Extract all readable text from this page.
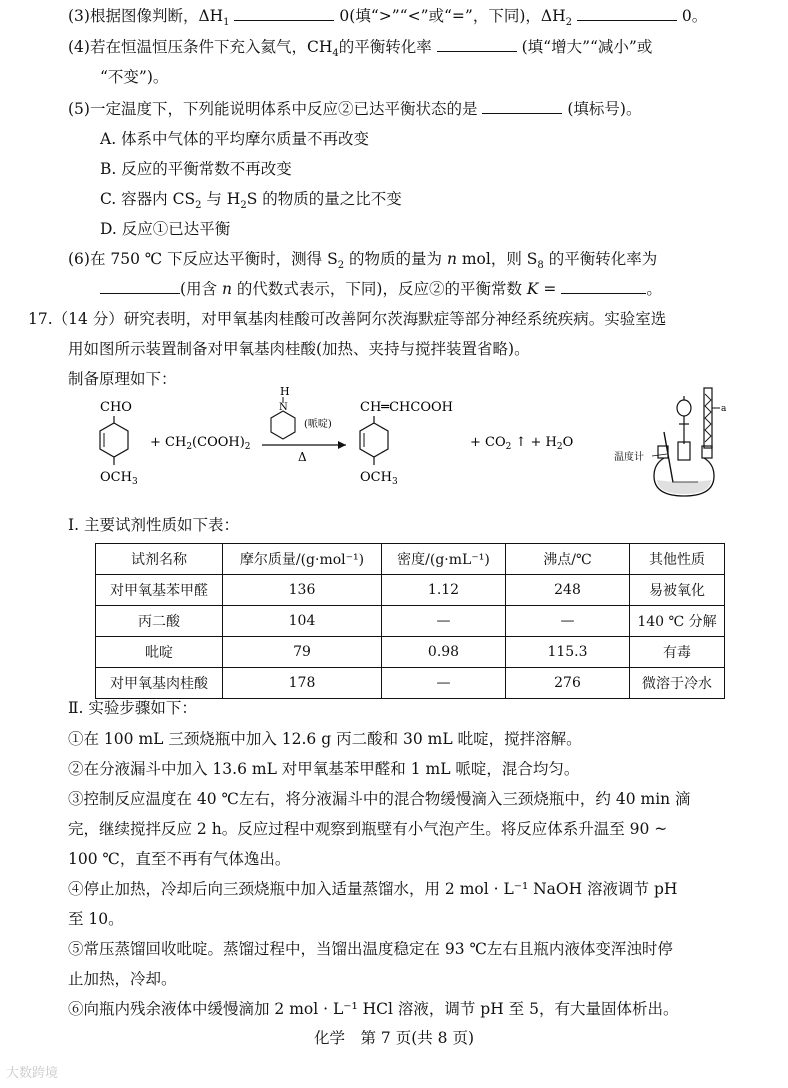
(3)根据图像判断，$\Delta H_1$	0(填“>”“<”或“=”，下同)，$\Delta H_2$	0。
(4)若在恒温恒压条件下充入氦气，$CH_4$的平衡转化率	(填“增大”“减小”或
“不变”)。
(5)一定温度下，下列能说明体系中反应②已达平衡状态的是	(填标号)。
A. 体系中气体的平均摩尔质量不再改变
B. 反应的平衡常数不再改变
C. 容器内 $CS_2$ 与 $H_2S$ 的物质的量之比不变
D. 反应①已达平衡
(6)在 750 ℃ 下反应达平衡时，测得 $S_2$ 的物质的量为 n mol，则 $S_8$ 的平衡转化率为
(用含 n 的代数式表示，下同)，反应②的平衡常数 K =	。
17.（14 分）研究表明，对甲氧基肉桂酸可改善阿尔茨海默症等部分神经系统疾病。实验室选
用如图所示装置制备对甲氧基肉桂酸(加热、夹持与搅拌装置省略)。
制备原理如下：
CHO
$OCH_3$
+ $CH_2(COOH)_2$
H
N
(哌啶)
Δ
CH═CHCOOH
$OCH_3$
+ $CO_2$ ↑ + $H_2O$
a
温度计
Ⅰ. 主要试剂性质如下表：
试剂名称	摩尔质量/(g·mol⁻¹)	密度/(g·mL⁻¹)	沸点/℃	其他性质
对甲氧基苯甲醛	136	1.12	248	易被氧化
丙二酸	104	—	—	140 ℃ 分解
吡啶	79	0.98	115.3	有毒
对甲氧基肉桂酸	178	—	276	微溶于冷水
Ⅱ. 实验步骤如下：
①在 100 mL 三颈烧瓶中加入 12.6 g 丙二酸和 30 mL 吡啶，搅拌溶解。
②在分液漏斗中加入 13.6 mL 对甲氧基苯甲醛和 1 mL 哌啶，混合均匀。
③控制反应温度在 40 ℃左右，将分液漏斗中的混合物缓慢滴入三颈烧瓶中，约 40 min 滴
完，继续搅拌反应 2 h。反应过程中观察到瓶壁有小气泡产生。将反应体系升温至 90 ~
100 ℃，直至不再有气体逸出。
④停止加热，冷却后向三颈烧瓶中加入适量蒸馏水，用 2 mol · L⁻¹ NaOH 溶液调节 pH
至 10。
⑤常压蒸馏回收吡啶。蒸馏过程中，当馏出温度稳定在 93 ℃左右且瓶内液体变浑浊时停
止加热，冷却。
⑥向瓶内残余液体中缓慢滴加 2 mol · L⁻¹ HCl 溶液，调节 pH 至 5，有大量固体析出。
化学　第 7 页(共 8 页)
大数跨境
